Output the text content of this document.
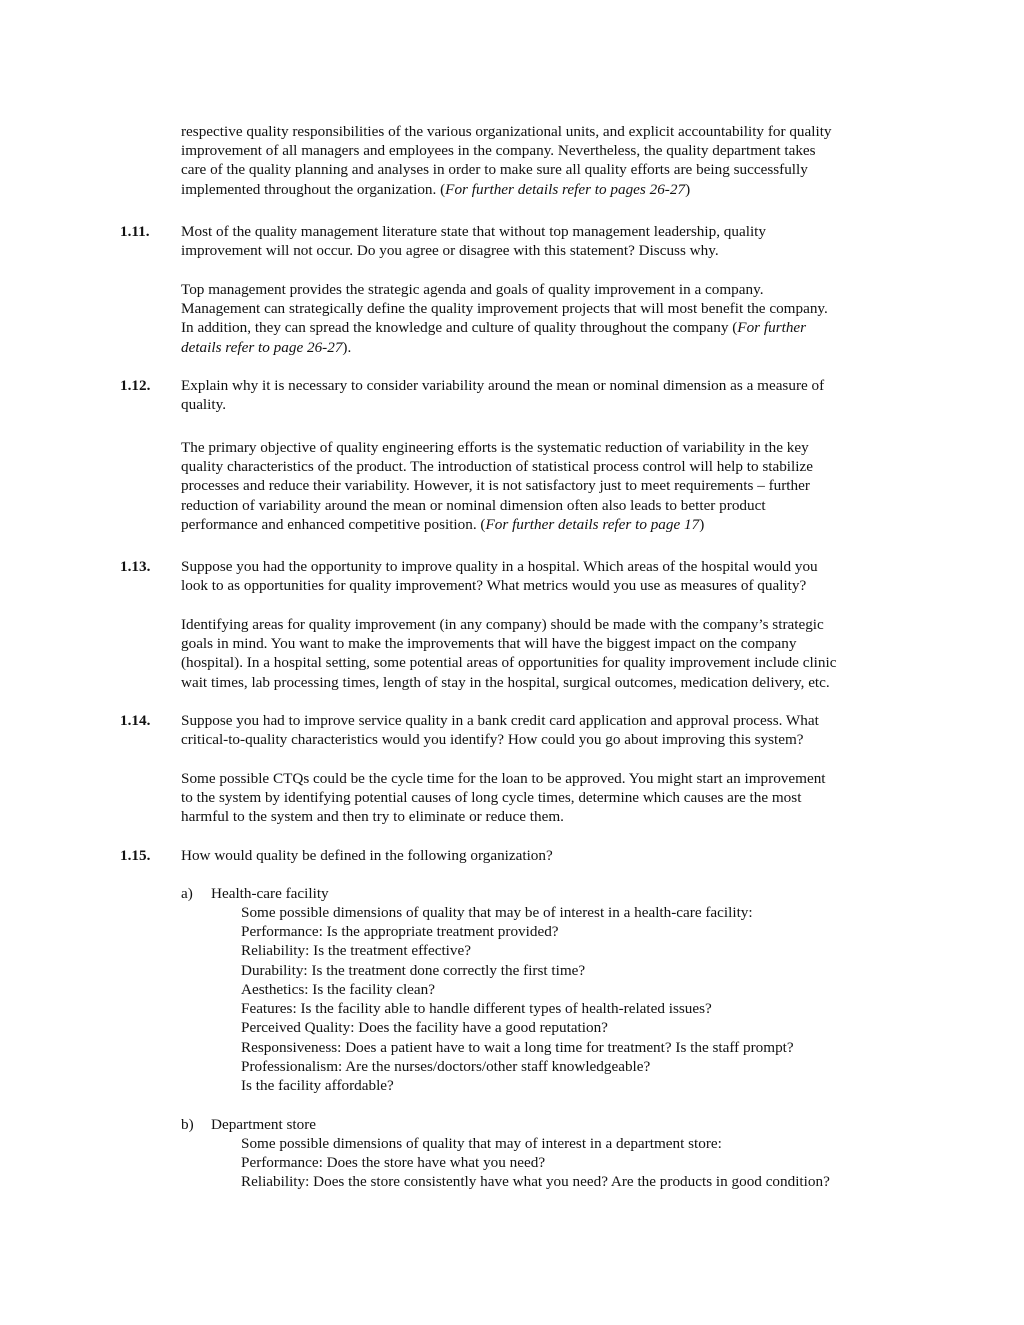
respective quality responsibilities of the various organizational units, and explicit accountability for quality
improvement of all managers and employees in the company. Nevertheless, the quality department takes
care of the quality planning and analyses in order to make sure all quality efforts are being successfully
implemented throughout the organization. (For further details refer to pages 26-27)
1.11. Most of the quality management literature state that without top management leadership, quality
improvement will not occur. Do you agree or disagree with this statement? Discuss why.
Top management provides the strategic agenda and goals of quality improvement in a company.
Management can strategically define the quality improvement projects that will most benefit the company.
In addition, they can spread the knowledge and culture of quality throughout the company (For further
details refer to page 26-27).
1.12. Explain why it is necessary to consider variability around the mean or nominal dimension as a measure of
quality.
The primary objective of quality engineering efforts is the systematic reduction of variability in the key
quality characteristics of the product. The introduction of statistical process control will help to stabilize
processes and reduce their variability. However, it is not satisfactory just to meet requirements – further
reduction of variability around the mean or nominal dimension often also leads to better product
performance and enhanced competitive position. (For further details refer to page 17)
1.13. Suppose you had the opportunity to improve quality in a hospital. Which areas of the hospital would you
look to as opportunities for quality improvement? What metrics would you use as measures of quality?
Identifying areas for quality improvement (in any company) should be made with the company’s strategic
goals in mind. You want to make the improvements that will have the biggest impact on the company
(hospital). In a hospital setting, some potential areas of opportunities for quality improvement include clinic
wait times, lab processing times, length of stay in the hospital, surgical outcomes, medication delivery, etc.
1.14. Suppose you had to improve service quality in a bank credit card application and approval process. What
critical-to-quality characteristics would you identify? How could you go about improving this system?
Some possible CTQs could be the cycle time for the loan to be approved. You might start an improvement
to the system by identifying potential causes of long cycle times, determine which causes are the most
harmful to the system and then try to eliminate or reduce them.
1.15. How would quality be defined in the following organization?
a) Health-care facility
Some possible dimensions of quality that may be of interest in a health-care facility:
Performance: Is the appropriate treatment provided?
Reliability: Is the treatment effective?
Durability: Is the treatment done correctly the first time?
Aesthetics: Is the facility clean?
Features: Is the facility able to handle different types of health-related issues?
Perceived Quality: Does the facility have a good reputation?
Responsiveness: Does a patient have to wait a long time for treatment? Is the staff prompt?
Professionalism: Are the nurses/doctors/other staff knowledgeable?
Is the facility affordable?
b) Department store
Some possible dimensions of quality that may of interest in a department store:
Performance: Does the store have what you need?
Reliability: Does the store consistently have what you need? Are the products in good condition?
